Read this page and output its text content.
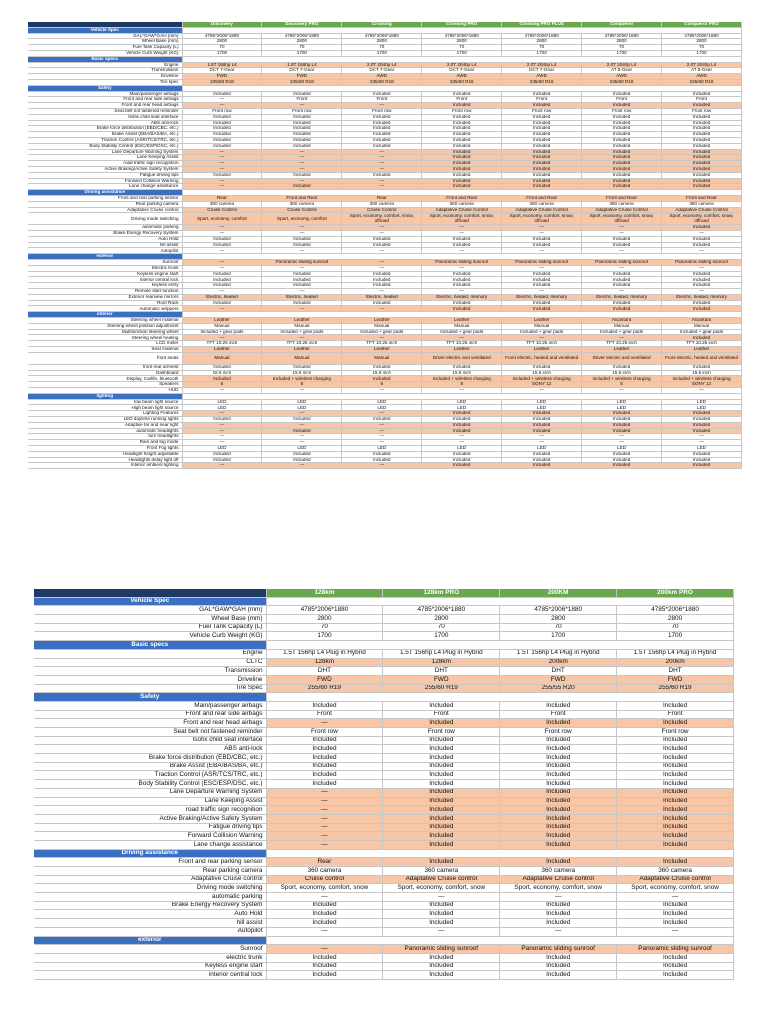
	Discovery	Discovery PRO	Crossing	Crossing PRO	Crossing PRO PLUS	Conqueror	Conqueror PRO
Vehicle Spec							
GAL*GAW*GAH (mm)	4785*2006*1880	4785*2006*1880	4785*2006*1880	4785*2006*1880	4785*2006*1880	4785*2006*1880	4785*2006*1880
Wheel Base (mm)	2800	2800	2800	2800	2800	2800	2800
Fuel Tank Capacity (L)	70	70	70	70	70	70	70
Vehicle Curb Weight (KG)	1700	1700	1700	1700	1700	1700	1700
Basic specs							
Engine	1.5T 156hp L4	1.5T 156hp L4	2.0T 204hp L4	2.0T 204hp L4	2.0T 204hp L4	2.0T 204hp L4	2.0T 204hp L4
Transmission	DCT 7-Gear	DCT 7-Gear	DCT 7-Gear	DCT 7-Gear	DCT 7-Gear	AT 8-Gear	AT 8-Gear
Driveline	FWD	FWD	AWD	AWD	AWD	AWD	AWD
Tire spec	235/60 R18	235/60 R18	235/60 R18	235/60 R18	235/60 R18	235/60 R18	235/60 R18
Safety							
Main/passenger airbags	Included	Included	Included	Included	Included	Included	Included
Front and rear side airbags	—	Front	Front	Front	Front	Front	Front
Front and rear head airbags	—	—	—	Included	Included	Included	Included
Seat belt not fastened reminder	Front row	Front row	Front row	Front row	Front row	Front row	Front row
Isofix child seat interface	Included	Included	Included	Included	Included	Included	Included
ABS anti-lock	Included	Included	Included	Included	Included	Included	Included
Brake force distribution (EBD/CBC, etc.)	Included	Included	Included	Included	Included	Included	Included
Brake Assist (EBA/BAS/BA, etc.)	Included	Included	Included	Included	Included	Included	Included
Traction Control (ASR/TCS/TRC, etc.)	Included	Included	Included	Included	Included	Included	Included
Body Stability Control (ESC/ESP/DSC, etc.)	Included	Included	Included	Included	Included	Included	Included
Lane Departure Warning System	—	—	—	Included	Included	Included	Included
Lane Keeping Assist	—	—	—	Included	Included	Included	Included
road traffic sign recognition	—	—	—	Included	Included	Included	Included
Active Braking/Active Safety System	—	—	—	Included	Included	Included	Included
Fatigue driving tips	Included	Included	Included	Included	Included	Included	Included
Forward Collision Warning	—	—	—	Included	Included	Included	Included
Lane change assistance	—	Included	—	Included	Included	Included	Included
Driving assistance							
Front and rear parking sensor	Rear	Front and Rear	Rear	Front and Rear	Front and Rear	Front and Rear	Front and Rear
Rear parking camera	360 camera	360 camera	360 camera	360 camera	360 camera	360 camera	360 camera
Adaptative Cruise control	Cruise Control	Cruise Control	Cruise Control	Adaptative Cruise Control	Adaptative Cruise Control	Adaptative Cruise Control	Adaptative Cruise Control
Driving mode switching	Sport, economy, comfort	Sport, economy, comfort	Sport, economy, comfort, snow, offroad	Sport, economy, comfort, snow, offroad	Sport, economy, comfort, snow, offroad	Sport, economy, comfort, snow, offroad	Sport, economy, comfort, snow, offroad
automatic parking	—	—	—	—	—	—	Included
Brake Energy Recovery System	—	—	—	—	—	—	—
Auto Hold	Included	Included	Included	Included	Included	Included	Included
hill assist	Included	Included	Included	Included	Included	Included	Included
Autopilot	—	—	—	—	—	—	—
exterior							
Sunroof	—	Panoramic sliding sunroof	—	Panoramic sliding sunroof	Panoramic sliding sunroof	Panoramic sliding sunroof	Panoramic sliding sunroof
Electric trunk	—	—	—	—	—	—	—
Keyless engine start	Included	Included	Included	Included	Included	Included	Included
interior central lock	Included	Included	Included	Included	Included	Included	Included
keyless entry	Included	Included	Included	Included	Included	Included	Included
Remote start function	—	—	—	—	—	—	—
Exterior rearview mirrors	Electric, heated	Electric, heated	Electric, heated	Electric, heated, memory	Electric, heated, memory	Electric, heated, memory	Electric, heated, memory
Roof Rack	Included	Included	Included	Included	Included	Included	Included
Automatic wrippers	—	—	—	Included	Included	Included	Included
interior							
Steering wheel material	Leather	Leather	Leather	Leather	Leather	Alcantara	Alcantara
Steering wheel position adjustment	Manual	Manual	Manual	Manual	Manual	Manual	Manual
Multifunction steering wheel	Included + gear pads	Included + gear pads	Included + gear pads	Included + gear pads	Included + gear pads	Included + gear pads	Included + gear pads
Steering wheel heating	—	—	—	—	—	—	Included
LCD meter	TFT 10.25 inch	TFT 10.25 inch	TFT 10.25 inch	TFT 10.25 inch	TFT 10.25 inch	TFT 10.25 inch	TFT 10.25 inch
Seat material	Leather	Leather	Leather	Leather	Leather	Leather	Leather
front seats	Manual	Manual	Manual	Driver electric and ventilated	Front electric, heated and ventilated	Driver electric and ventilated	Front electric, heated and ventilated
front rear armrest	Included	Included	Included	Included	Included	Included	Included
Dashboard	15.6 inch	15.6 inch	15.6 inch	15.6 inch	15.6 inch	15.6 inch	15.6 inch
Display, Carlife, bluetooth	Included	Included + wireless charging	Included	Included + wireless charging	Included + wireless charging	Included + wireless charging	Included + wireless charging
Speakers	6	6	6	8	SONY 12	8	SONY 12
HUD	—	—	—	—	—	—	—
lighting							
low beam light source	LED	LED	LED	LED	LED	LED	LED
High beam light source	LED	LED	LED	LED	LED	LED	LED
Lighting Features	—	—	—	Included	Included	Included	Included
LED daytime running lights	Included	Included	Included	Included	Included	Included	Included
Adaptive far and near light	—	—	—	Included	Included	Included	Included
automatic headlights	—	Included	—	Included	Included	Included	Included
turn headlights	—	—	—	—	—	—	—
Rain and fog mode	—	—	—	—	—	—	—
Front Fog lights	LED	LED	LED	LED	LED	LED	LED
Headlight height adjustable	Included	Included	Included	Included	Included	Included	Included
Headlights delay light off	Included	Included	Included	Included	Included	Included	Included
Interior ambient lighting	—	—	—	Included	Included	Included	Included
	128km	128km PRO	200KM	200km PRO
Vehicle Spec				
GAL*GAW*GAH (mm)	4785*2006*1880	4785*2006*1880	4785*2006*1880	4785*2006*1880
Wheel Base (mm)	2800	2800	2800	2800
Fuel Tank Capacity (L)	70	70	70	70
Vehicle Curb Weight (KG)	1700	1700	1700	1700
Basic specs				
Engine	1.5T 156hp L4 Plug in Hybrid	1.5T 156hp L4 Plug in Hybrid	1.5T 156hp L4 Plug in Hybrid	1.5T 156hp L4 Plug in Hybrid
CLTC	128km	128km	200km	200km
Transmission	DHT	DHT	DHT	DHT
Driveline	FWD	FWD	FWD	FWD
Tire Spec	255/60 R19	255/60 R19	255/55 R20	255/60 R19
Safety				
Main/passenger airbags	Included	Included	Included	Included
Front and rear side airbags	Front	Front	Front	Front
Front and rear head airbags	—	Included	Included	Included
Seat belt not fastened reminder	Front row	Front row	Front row	Front row
Isofix child seat interface	Included	Included	Included	Included
ABS anti-lock	Included	Included	Included	Included
Brake force distribution (EBD/CBC, etc.)	Included	Included	Included	Included
Brake Assist (EBA/BAS/BA, etc.)	Included	Included	Included	Included
Traction Control (ASR/TCS/TRC, etc.)	Included	Included	Included	Included
Body Stability Control (ESC/ESP/DSC, etc.)	Included	Included	Included	Included
Lane Departure Warning System	—	Included	Included	Included
Lane Keeping Assist	—	Included	Included	Included
road traffic sign recognition	—	Included	Included	Included
Active Braking/Active Safety System	—	Included	Included	Included
Fatigue driving tips	—	Included	Included	Included
Forward Collision Warning	—	Included	Included	Included
Lane change assistance	—	Included	Included	Included
Driving assistance				
Front and rear parking sensor	Rear	Included	Included	Included
Rear parking camera	360 camera	360 camera	360 camera	360 camera
Adaptative Cruise control	Cruise control	Adaptative Cruise control	Adaptative Cruise control	Adaptative Cruise control
Driving mode switching	Sport, economy, comfort, snow	Sport, economy, comfort, snow	Sport, economy, comfort, snow	Sport, economy, comfort, snow
automatic parking	—	—	—	—
Brake Energy Recovery System	Included	Included	Included	Included
Auto Hold	Included	Included	Included	Included
hill assist	Included	Included	Included	Included
Autopilot	—	—	—	—
exterior				
Sunroof	—	Panoramic sliding sunroof	Panoramic sliding sunroof	Panoramic sliding sunroof
electric trunk	Included	Included	Included	Included
Keyless engine start	Included	Included	Included	Included
interior central lock	Included	Included	Included	Included
